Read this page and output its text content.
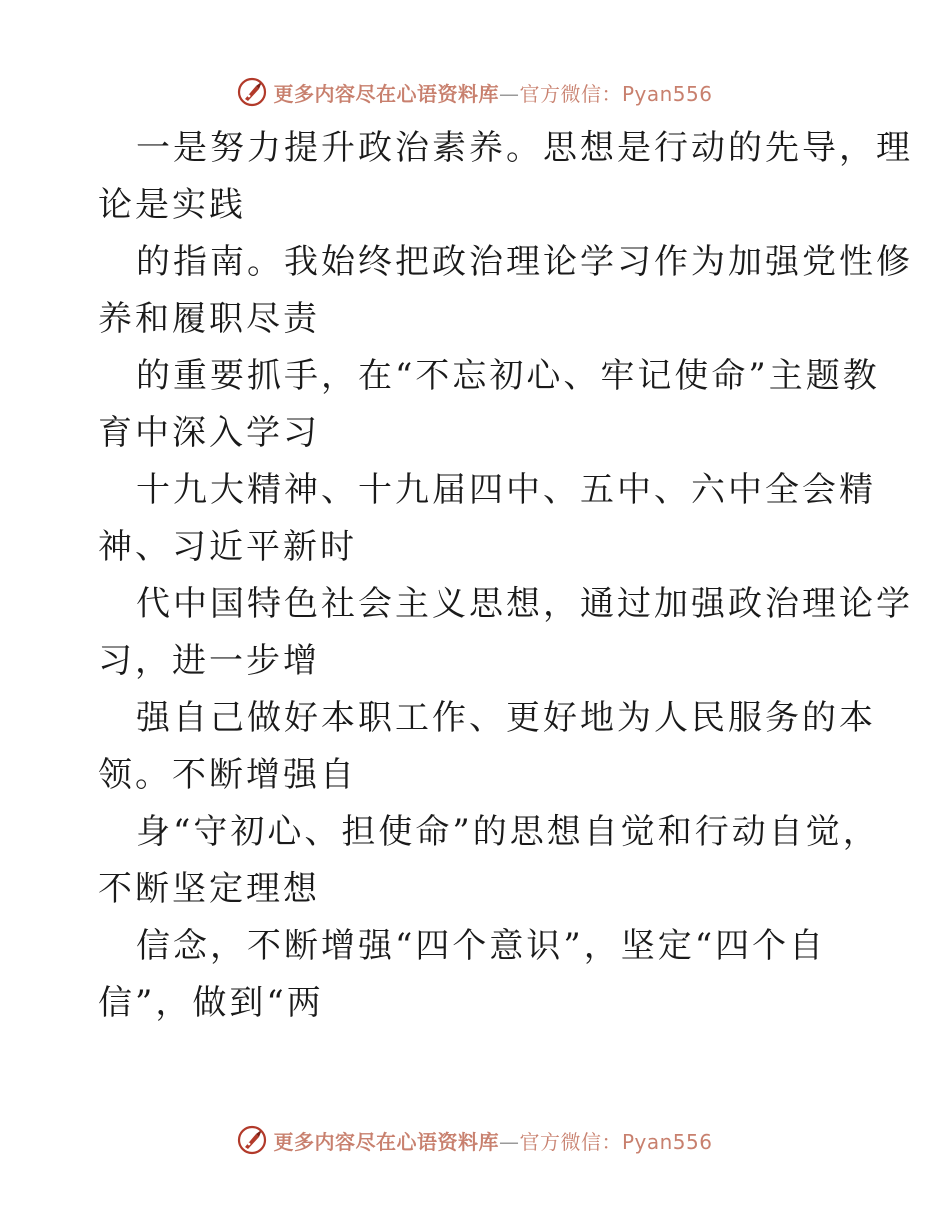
更多内容尽在心语资料库 — 官方微信：Pyan556

一是努力提升政治素养。思想是行动的先导，理
论是实践

的指南。我始终把政治理论学习作为加强党性修
养和履职尽责

的重要抓手，在“不忘初心、牢记使命”主题教
育中深入学习

十九大精神、十九届四中、五中、六中全会精
神、习近平新时

代中国特色社会主义思想，通过加强政治理论学
习，进一步增

强自己做好本职工作、更好地为人民服务的本
领。不断增强自

身“守初心、担使命”的思想自觉和行动自觉，
不断坚定理想

信念，不断增强“四个意识”，坚定“四个自
信”，做到“两

更多内容尽在心语资料库 — 官方微信：Pyan556
